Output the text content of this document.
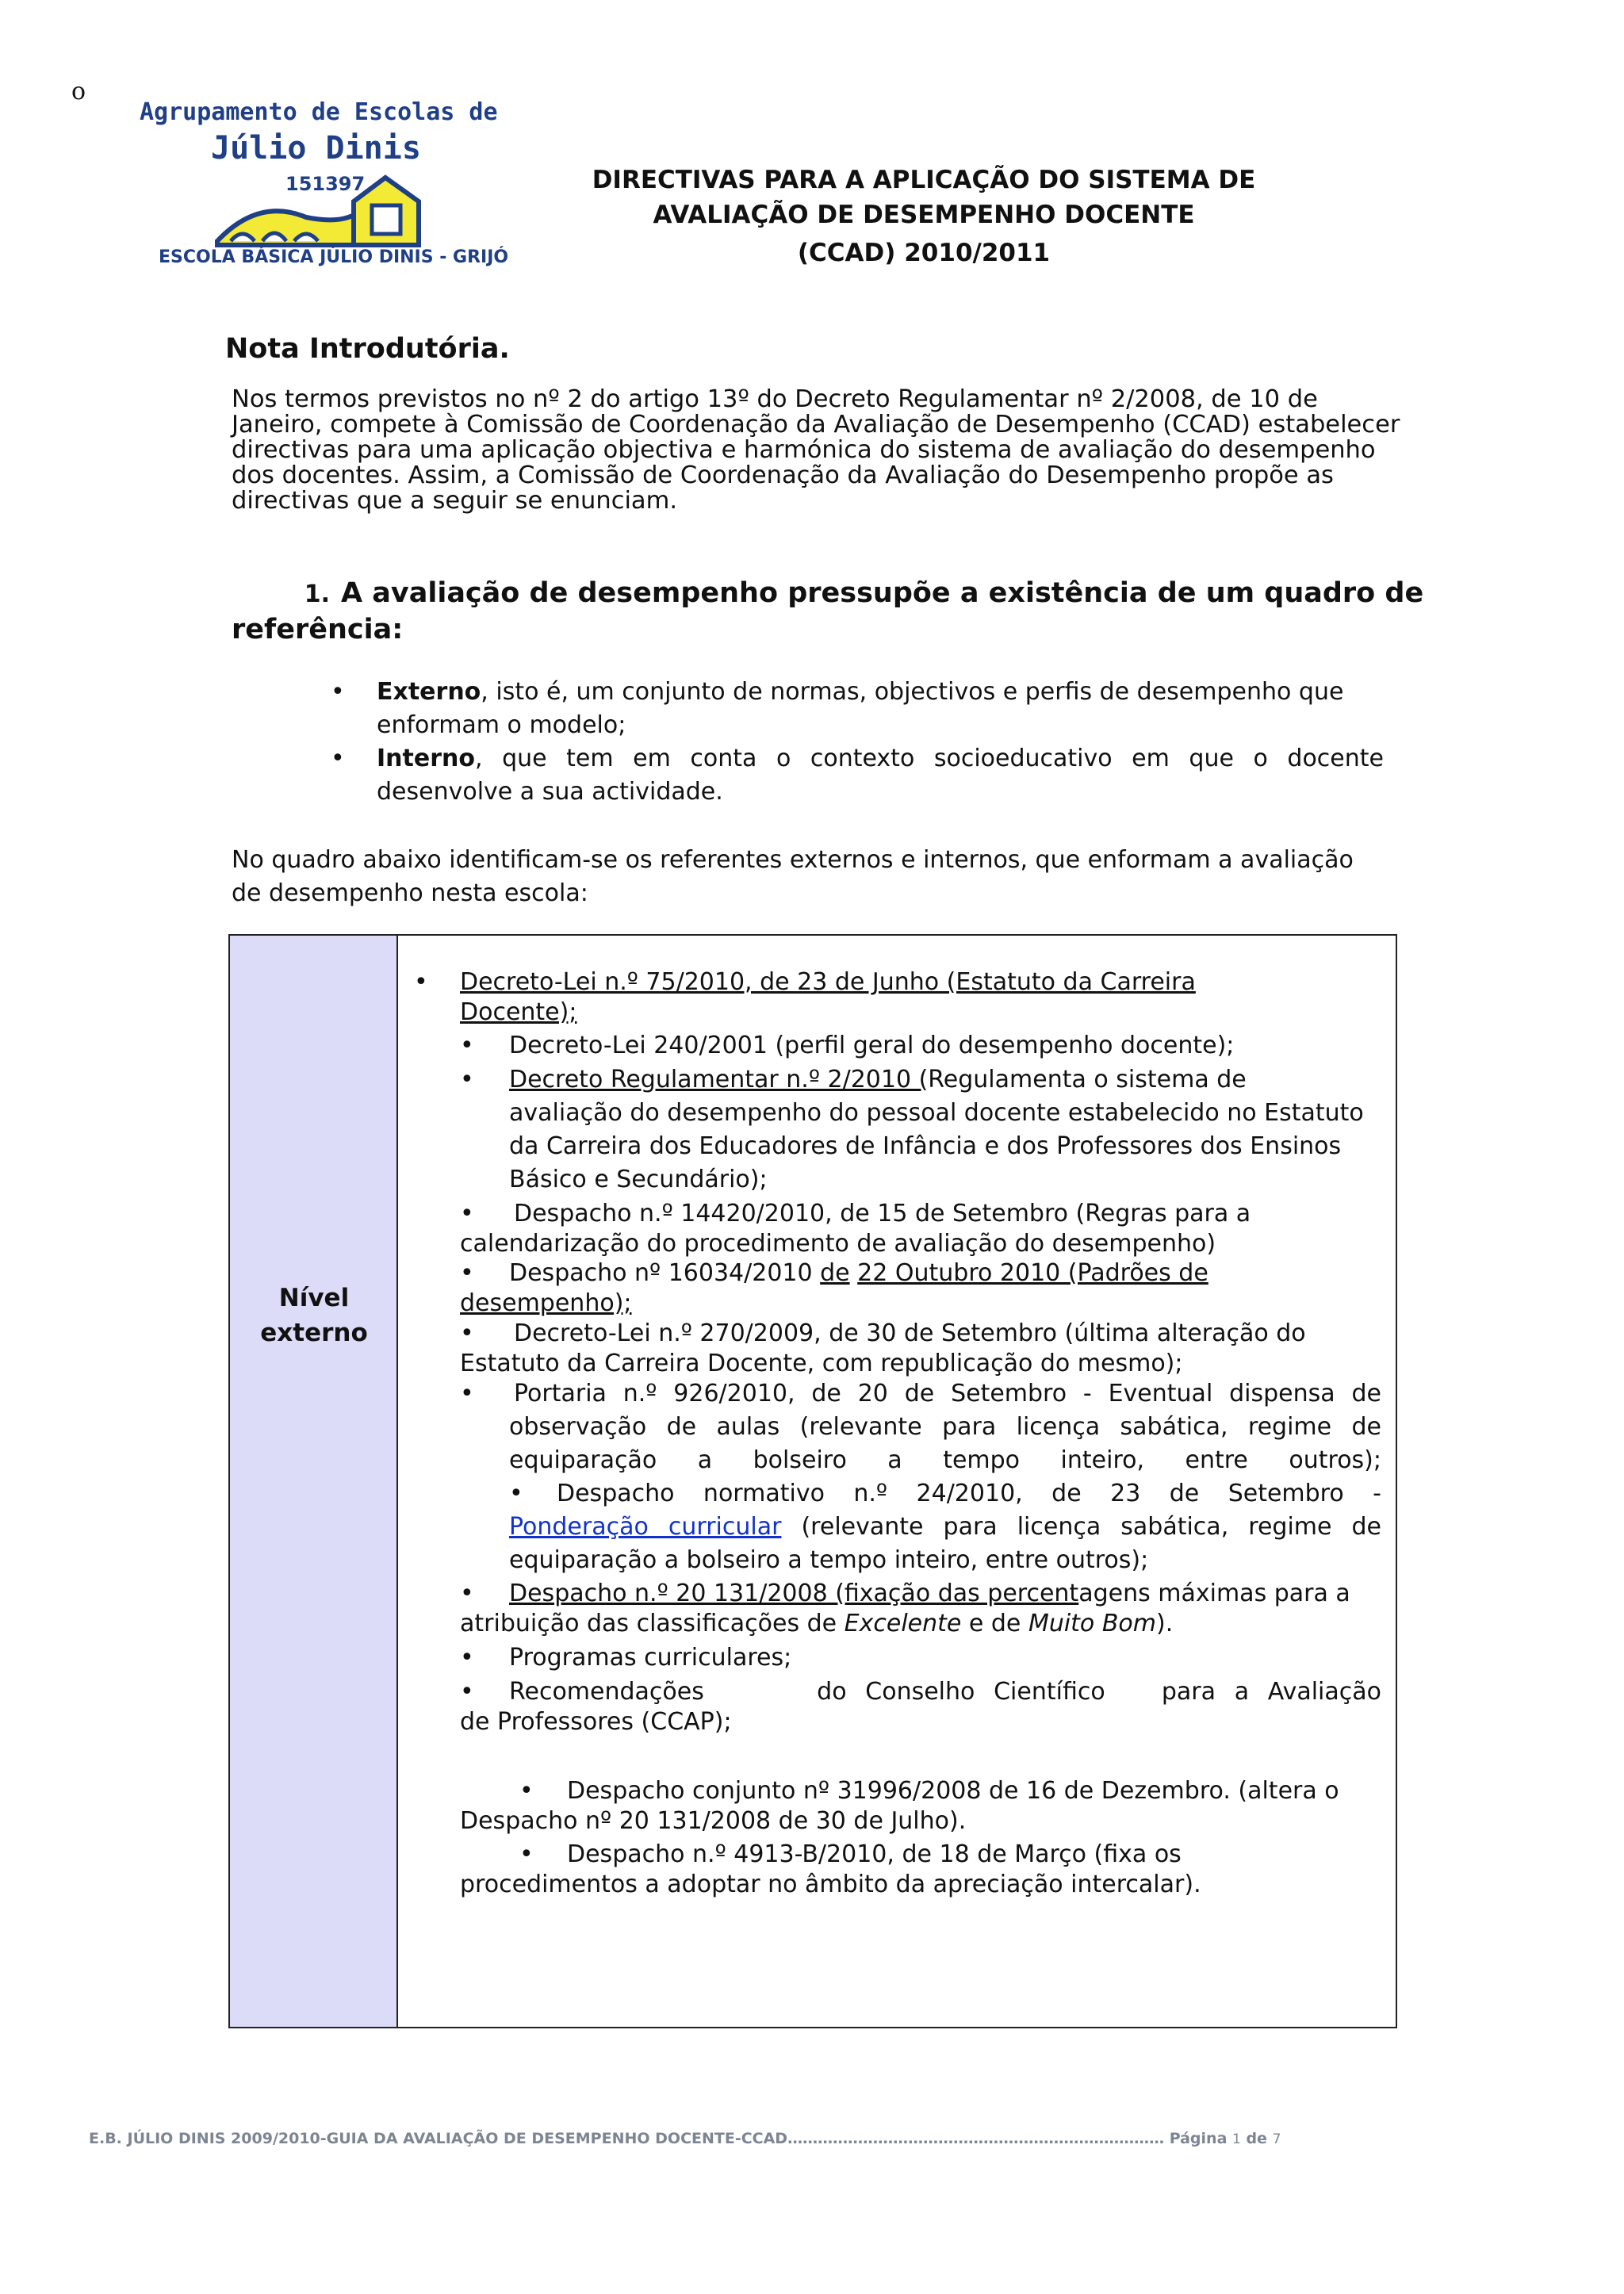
o
Agrupamento de Escolas de
Júlio Dinis
151397
ESCOLA BÁSICA JÚLIO DINIS - GRIJÓ
DIRECTIVAS PARA A APLICAÇÃO DO SISTEMA DE
AVALIAÇÃO DE DESEMPENHO DOCENTE
(CCAD) 2010/2011
Nota Introdutória.
Nos termos previstos no nº 2 do artigo 13º do Decreto Regulamentar nº 2/2008, de 10 de
Janeiro, compete à Comissão de Coordenação da Avaliação de Desempenho (CCAD) estabelecer
directivas para uma aplicação objectiva e harmónica do sistema de avaliação do desempenho
dos docentes. Assim, a Comissão de Coordenação da Avaliação do Desempenho propõe as
directivas que a seguir se enunciam.
1. A avaliação de desempenho pressupõe a existência de um quadro de
referência:
• Externo, isto é, um conjunto de normas, objectivos e perfis de desempenho que enformam o modelo;
• Interno, que tem em conta o contexto socioeducativo em que o docente desenvolve a sua actividade.
No quadro abaixo identificam-se os referentes externos e internos, que enformam a avaliação
de desempenho nesta escola:
Nível
externo
• Decreto-Lei n.º 75/2010, de 23 de Junho (Estatuto da Carreira
Docente);
• Decreto-Lei 240/2001 (perfil geral do desempenho docente);
• Decreto Regulamentar n.º 2/2010 (Regulamenta o sistema de
avaliação do desempenho do pessoal docente estabelecido no Estatuto
da Carreira dos Educadores de Infância e dos Professores dos Ensinos
Básico e Secundário);
• Despacho n.º 14420/2010, de 15 de Setembro (Regras para a
calendarização do procedimento de avaliação do desempenho)
• Despacho nº 16034/2010 de 22 Outubro 2010 (Padrões de
desempenho);
• Decreto-Lei n.º 270/2009, de 30 de Setembro (última alteração do
Estatuto da Carreira Docente, com republicação do mesmo);
• Portaria n.º 926/2010, de 20 de Setembro - Eventual dispensa de
observação de aulas (relevante para licença sabática, regime de
equiparação a bolseiro a tempo inteiro, entre outros);
• Despacho normativo n.º 24/2010, de 23 de Setembro -
Ponderação curricular (relevante para licença sabática, regime de
equiparação a bolseiro a tempo inteiro, entre outros);
• Despacho n.º 20 131/2008 (fixação das percentagens máximas para a
atribuição das classificações de Excelente e de Muito Bom).
• Programas curriculares;
• Recomendações      do Conselho Científico   para a Avaliação
de Professores (CCAP);
• Despacho conjunto nº 31996/2008 de 16 de Dezembro. (altera o
Despacho nº 20 131/2008 de 30 de Julho).
• Despacho n.º 4913-B/2010, de 18 de Março (fixa os
procedimentos a adoptar no âmbito da apreciação intercalar).
E.B. JÚLIO DINIS 2009/2010-GUIA DA AVALIAÇÃO DE DESEMPENHO DOCENTE-CCAD………………………………………………………………… Página 1 de 7
